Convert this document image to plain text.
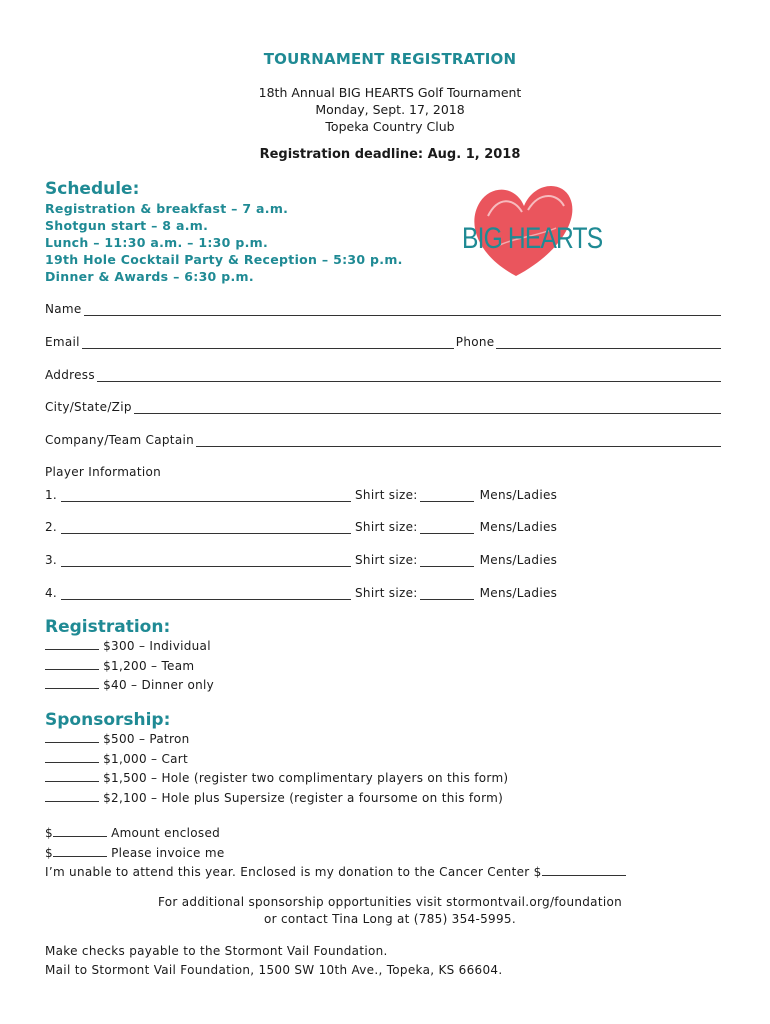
TOURNAMENT REGISTRATION
18th Annual BIG HEARTS Golf Tournament
Monday, Sept. 17, 2018
Topeka Country Club
Registration deadline: Aug. 1, 2018
BIG HEARTS
Schedule:
Registration & breakfast – 7 a.m.
Shotgun start – 8 a.m.
Lunch – 11:30 a.m. – 1:30 p.m.
19th Hole Cocktail Party & Reception – 5:30 p.m.
Dinner & Awards – 6:30 p.m.
Name
Email	Phone
Address
City/State/Zip
Company/Team Captain
Player Information
1.	Shirt size:	Mens/Ladies
2.	Shirt size:	Mens/Ladies
3.	Shirt size:	Mens/Ladies
4.	Shirt size:	Mens/Ladies
Registration:
$300 – Individual
$1,200 – Team
$40 – Dinner only
Sponsorship:
$500 – Patron
$1,000 – Cart
$1,500 – Hole (register two complimentary players on this form)
$2,100 – Hole plus Supersize (register a foursome on this form)
$	Amount enclosed
$	Please invoice me
I’m unable to attend this year. Enclosed is my donation to the Cancer Center $
For additional sponsorship opportunities visit stormontvail.org/foundation
or contact Tina Long at (785) 354-5995.
Make checks payable to the Stormont Vail Foundation.
Mail to Stormont Vail Foundation, 1500 SW 10th Ave., Topeka, KS 66604.
